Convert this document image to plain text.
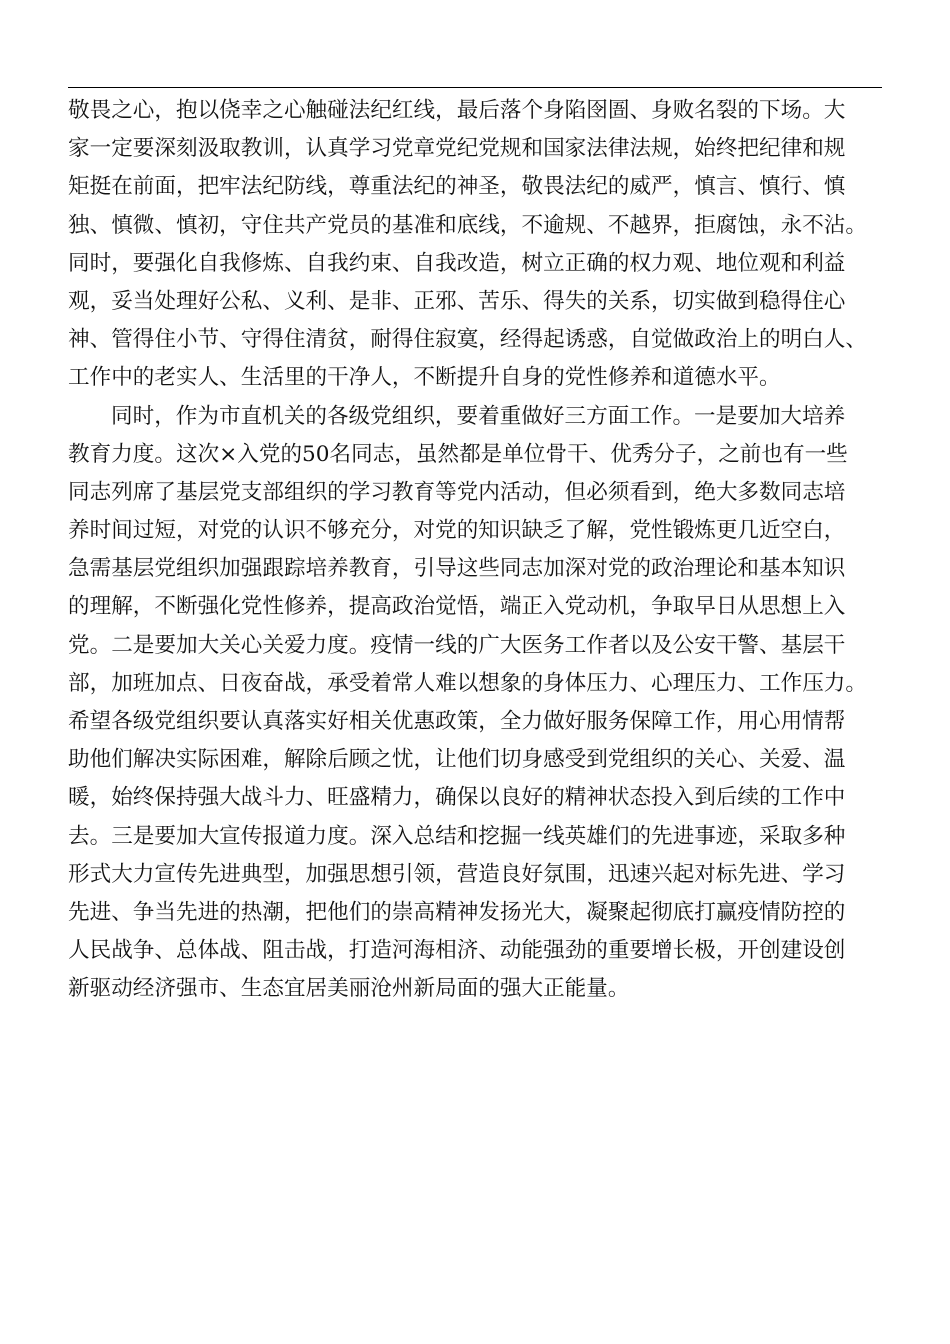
敬畏之心，抱以侥幸之心触碰法纪红线，最后落个身陷囹圄、身败名裂的下场。大
家一定要深刻汲取教训，认真学习党章党纪党规和国家法律法规，始终把纪律和规
矩挺在前面，把牢法纪防线，尊重法纪的神圣，敬畏法纪的威严，慎言、慎行、慎
独、慎微、慎初，守住共产党员的基准和底线，不逾规、不越界，拒腐蚀，永不沾。
同时，要强化自我修炼、自我约束、自我改造，树立正确的权力观、地位观和利益
观，妥当处理好公私、义利、是非、正邪、苦乐、得失的关系，切实做到稳得住心
神、管得住小节、守得住清贫，耐得住寂寞，经得起诱惑，自觉做政治上的明白人、
工作中的老实人、生活里的干净人，不断提升自身的党性修养和道德水平。
同时，作为市直机关的各级党组织，要着重做好三方面工作。一是要加大培养
教育力度。这次×入党的50名同志，虽然都是单位骨干、优秀分子，之前也有一些
同志列席了基层党支部组织的学习教育等党内活动，但必须看到，绝大多数同志培
养时间过短，对党的认识不够充分，对党的知识缺乏了解，党性锻炼更几近空白，
急需基层党组织加强跟踪培养教育，引导这些同志加深对党的政治理论和基本知识
的理解，不断强化党性修养，提高政治觉悟，端正入党动机，争取早日从思想上入
党。二是要加大关心关爱力度。疫情一线的广大医务工作者以及公安干警、基层干
部，加班加点、日夜奋战，承受着常人难以想象的身体压力、心理压力、工作压力。
希望各级党组织要认真落实好相关优惠政策，全力做好服务保障工作，用心用情帮
助他们解决实际困难，解除后顾之忧，让他们切身感受到党组织的关心、关爱、温
暖，始终保持强大战斗力、旺盛精力，确保以良好的精神状态投入到后续的工作中
去。三是要加大宣传报道力度。深入总结和挖掘一线英雄们的先进事迹，采取多种
形式大力宣传先进典型，加强思想引领，营造良好氛围，迅速兴起对标先进、学习
先进、争当先进的热潮，把他们的崇高精神发扬光大，凝聚起彻底打赢疫情防控的
人民战争、总体战、阻击战，打造河海相济、动能强劲的重要增长极，开创建设创
新驱动经济强市、生态宜居美丽沧州新局面的强大正能量。
